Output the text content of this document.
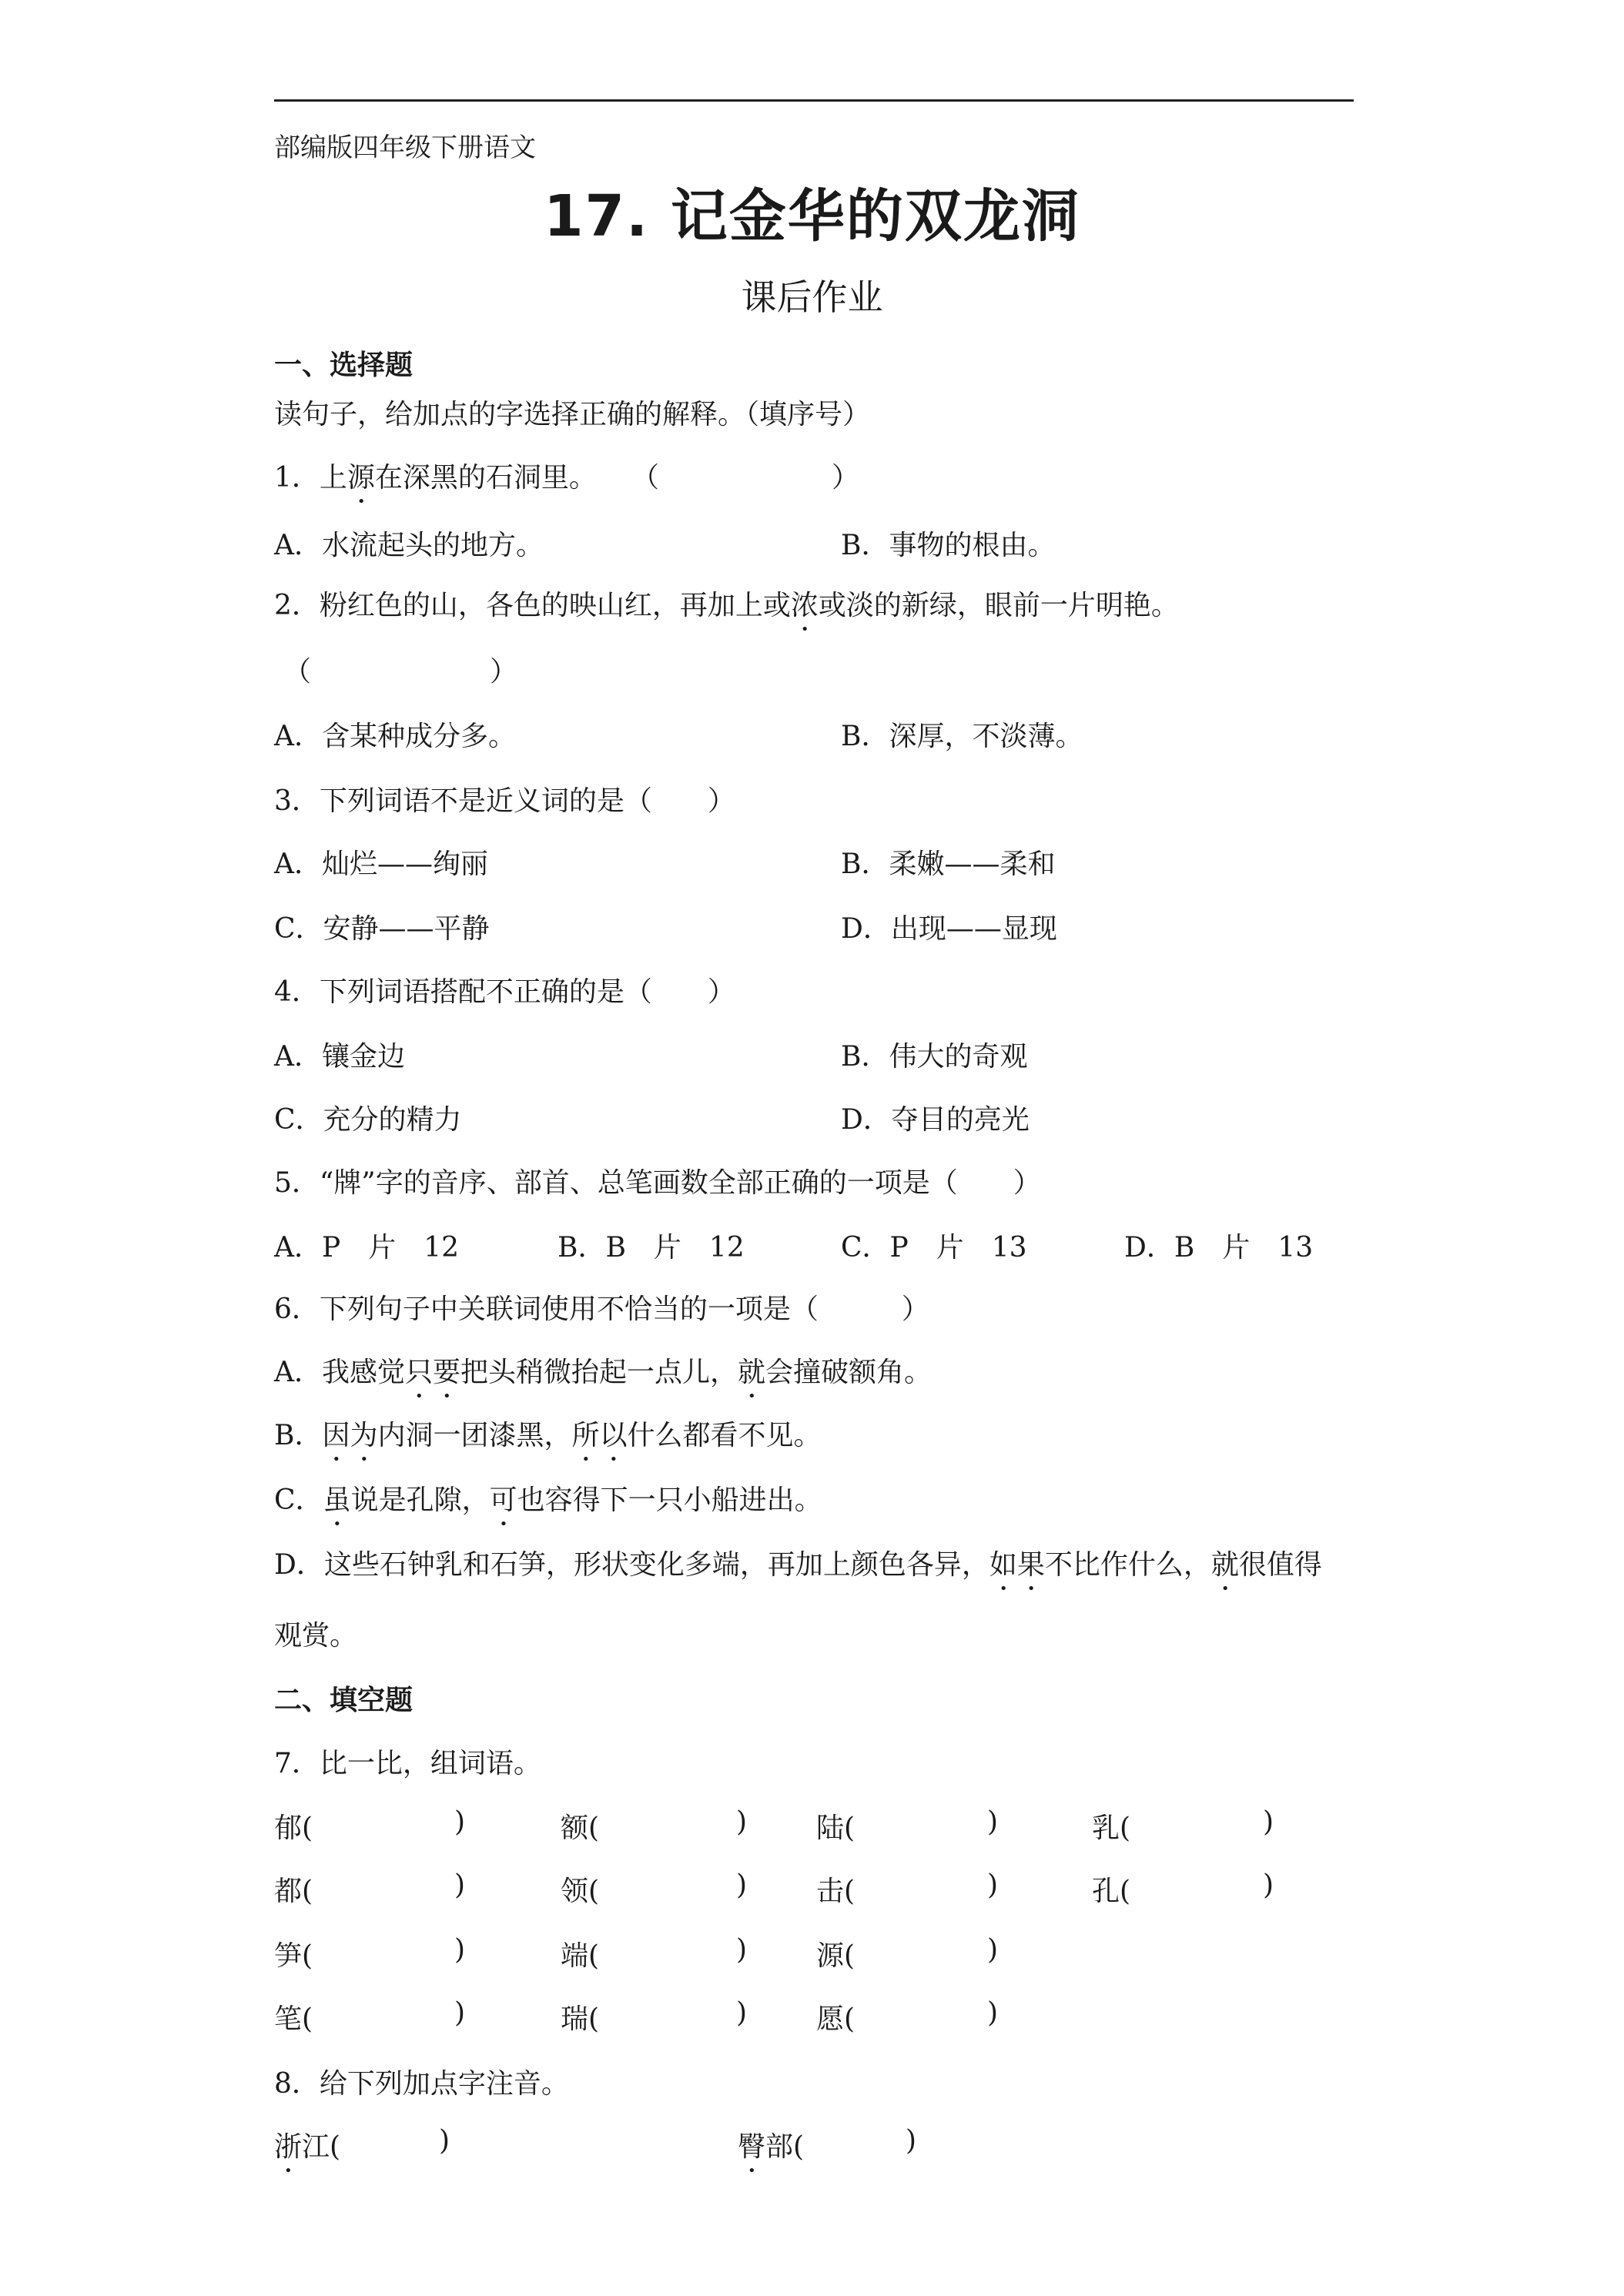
部编版四年级下册语文
17. 记金华的双龙洞
课后作业
一、选择题
读句子，给加点的字选择正确的解释。（填序号）
1．上源在深黑的石洞里。 （	）
A．水流起头的地方。	B．事物的根由。
2．粉红色的山，各色的映山红，再加上或浓或淡的新绿，眼前一片明艳。
（	）
A．含某种成分多。	B．深厚，不淡薄。
3．下列词语不是近义词的是（　　）
A．灿烂——绚丽	B．柔嫩——柔和
C．安静——平静	D．出现——显现
4．下列词语搭配不正确的是（　　）
A．镶金边	B．伟大的奇观
C．充分的精力	D．夺目的亮光
5．“牌”字的音序、部首、总笔画数全部正确的一项是（　　）
A．P　片　12	B．B　片　12	C．P　片　13	D．B　片　13
6．下列句子中关联词使用不恰当的一项是（　　　）
A．我感觉只要把头稍微抬起一点儿，就会撞破额角。
B．因为内洞一团漆黑，所以什么都看不见。
C．虽说是孔隙，可也容得下一只小船进出。
D．这些石钟乳和石笋，形状变化多端，再加上颜色各异，如果不比作什么，就很值得
观赏。
二、填空题
7．比一比，组词语。
郁(	)	额(	) 陆(	)	乳(	)
都(	)	领(	) 击(	)	孔(	)
笋(	)	端(	) 源(	)
笔(	)	瑞(	) 愿(	)
8．给下列加点字注音。
浙江(	)	臀部(	)
